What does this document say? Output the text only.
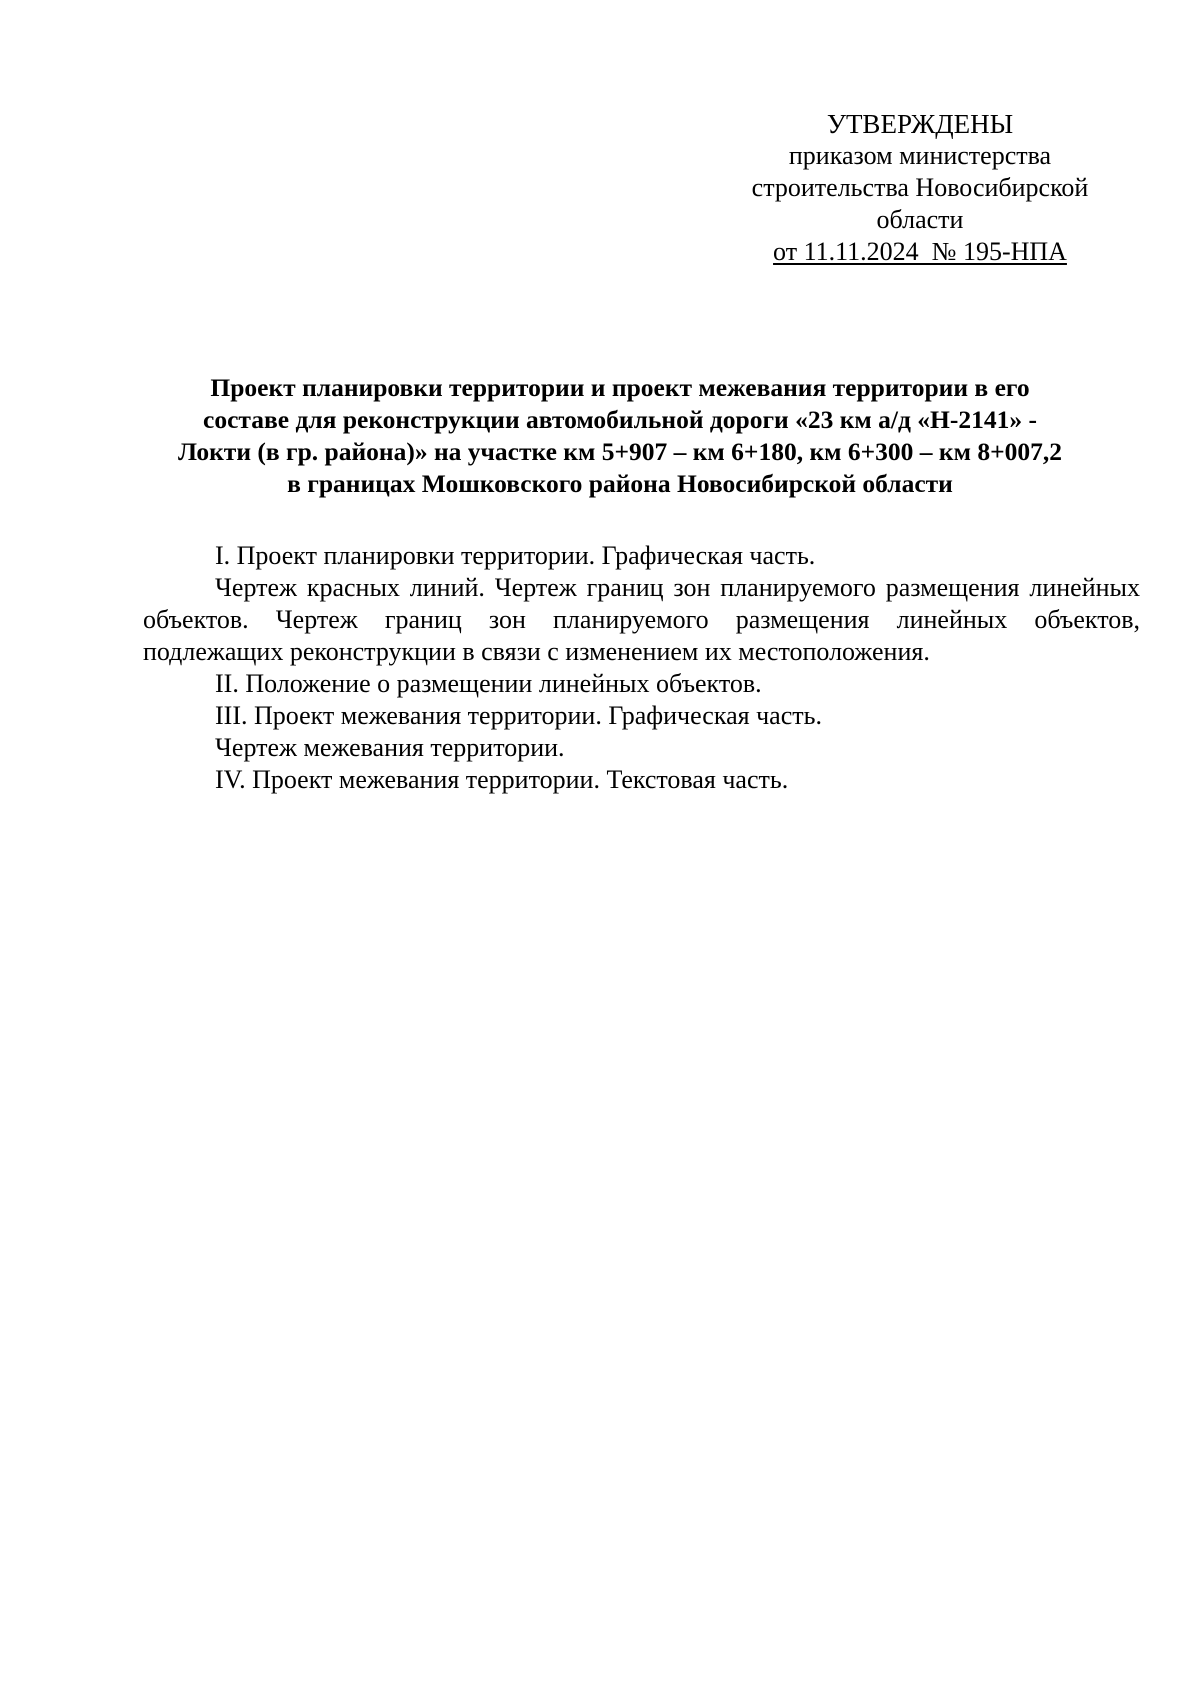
УТВЕРЖДЕНЫ
приказом министерства
строительства Новосибирской
области
от 11.11.2024  № 195-НПА
Проект планировки территории и проект межевания территории в его
составе для реконструкции автомобильной дороги «23 км а/д «Н-2141» -
Локти (в гр. района)» на участке км 5+907 – км 6+180, км 6+300 – км 8+007,2
в границах Мошковского района Новосибирской области

I. Проект планировки территории. Графическая часть.

Чертеж красных линий. Чертеж границ зон планируемого размещения линейных объектов. Чертеж границ зон планируемого размещения линейных объектов, подлежащих реконструкции в связи с изменением их местоположения.

II. Положение о размещении линейных объектов.

III. Проект межевания территории. Графическая часть.

Чертеж межевания территории.

IV. Проект межевания территории. Текстовая часть.
